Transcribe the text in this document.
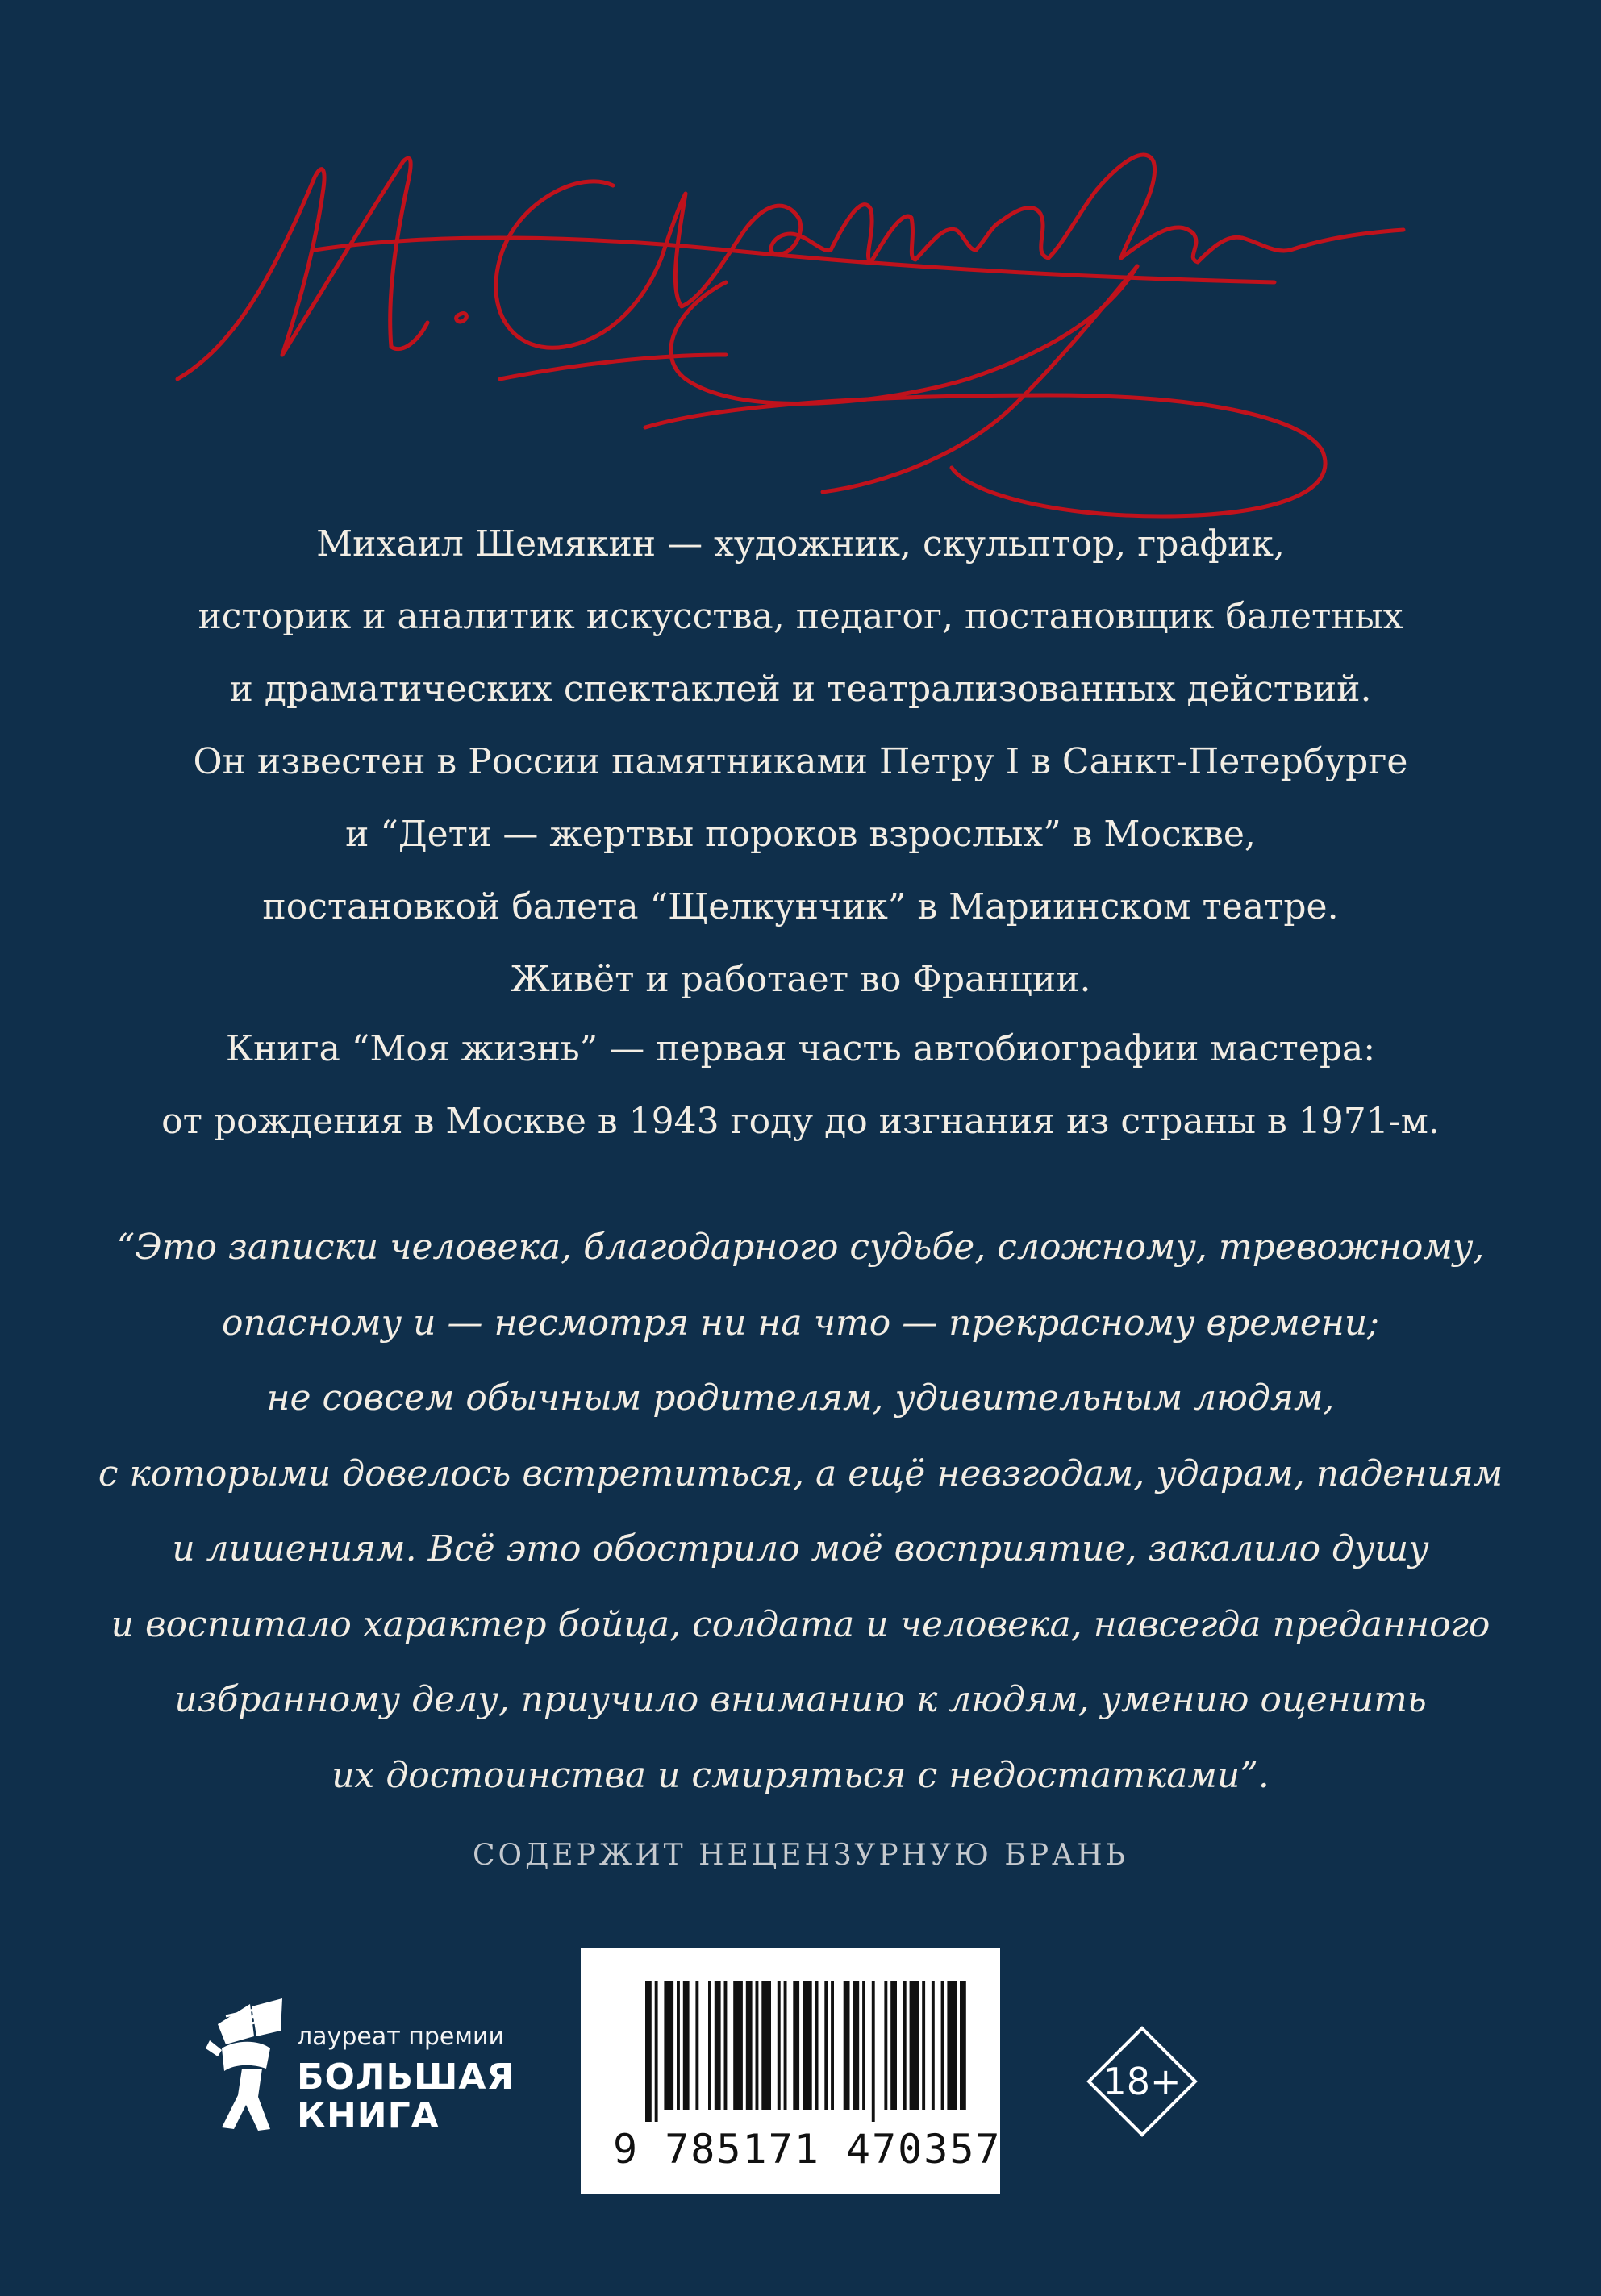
Михаил Шемякин — художник, скульптор, график,

историк и аналитик искусства, педагог, постановщик балетных

и драматических спектаклей и театрализованных действий.

Он известен в России памятниками Петру I в Санкт-Петербурге

и “Дети — жертвы пороков взрослых” в Москве,

постановкой балета “Щелкунчик” в Мариинском театре.

Живёт и работает во Франции.

Книга “Моя жизнь” — первая часть автобиографии мастера:

от рождения в Москве в 1943 году до изгнания из страны в 1971-м.

“Это записки человека, благодарного судьбе, сложному, тревожному,

опасному и — несмотря ни на что — прекрасному времени;

не совсем обычным родителям, удивительным людям,

с которыми довелось встретиться, а ещё невзгодам, ударам, падениям

и лишениям. Всё это обострило моё восприятие, закалило душу

и воспитало характер бойца, солдата и человека, навсегда преданного

избранному делу, приучило вниманию к людям, умению оценить

их достоинства и смиряться с недостатками”.

СОДЕРЖИТ НЕЦЕНЗУРНУЮ БРАНЬ
лауреат премии
БОЛЬШАЯ
КНИГА
9 785171 470357
18+
